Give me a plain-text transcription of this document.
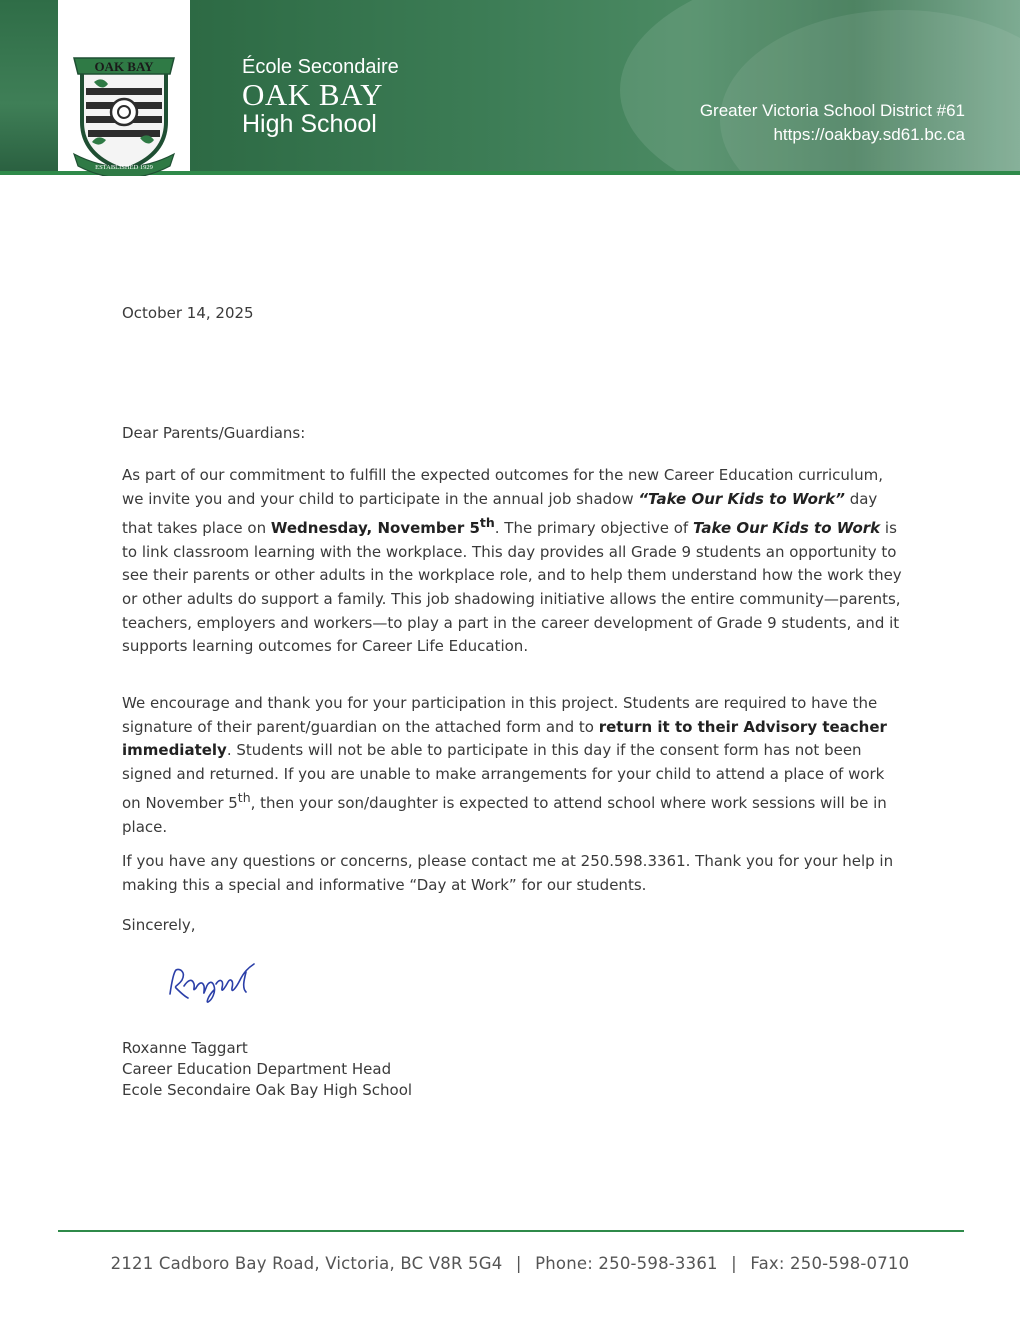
OAK BAY
ESTABLISHED 1929
École Secondaire
OAK BAY
High School	Greater Victoria School District #61
https://oakbay.sd61.bc.ca
October 14, 2025
Dear Parents/Guardians:

As part of our commitment to fulfill the expected outcomes for the new Career Education curriculum, we invite you and your child to participate in the annual job shadow “Take Our Kids to Work” day that takes place on Wednesday, November 5th. The primary objective of Take Our Kids to Work is to link classroom learning with the workplace. This day provides all Grade 9 students an opportunity to see their parents or other adults in the workplace role, and to help them understand how the work they or other adults do support a family. This job shadowing initiative allows the entire community—parents, teachers, employers and workers—to play a part in the career development of Grade 9 students, and it supports learning outcomes for Career Life Education.

We encourage and thank you for your participation in this project. Students are required to have the signature of their parent/guardian on the attached form and to return it to their Advisory teacher immediately. Students will not be able to participate in this day if the consent form has not been signed and returned. If you are unable to make arrangements for your child to attend a place of work on November 5th, then your son/daughter is expected to attend school where work sessions will be in place.

If you have any questions or concerns, please contact me at 250.598.3361. Thank you for your help in making this a special and informative “Day at Work” for our students.

Sincerely,
Roxanne Taggart
Career Education Department Head
Ecole Secondaire Oak Bay High School
2121 Cadboro Bay Road, Victoria, BC V8R 5G4 | Phone: 250-598-3361 | Fax: 250-598-0710
